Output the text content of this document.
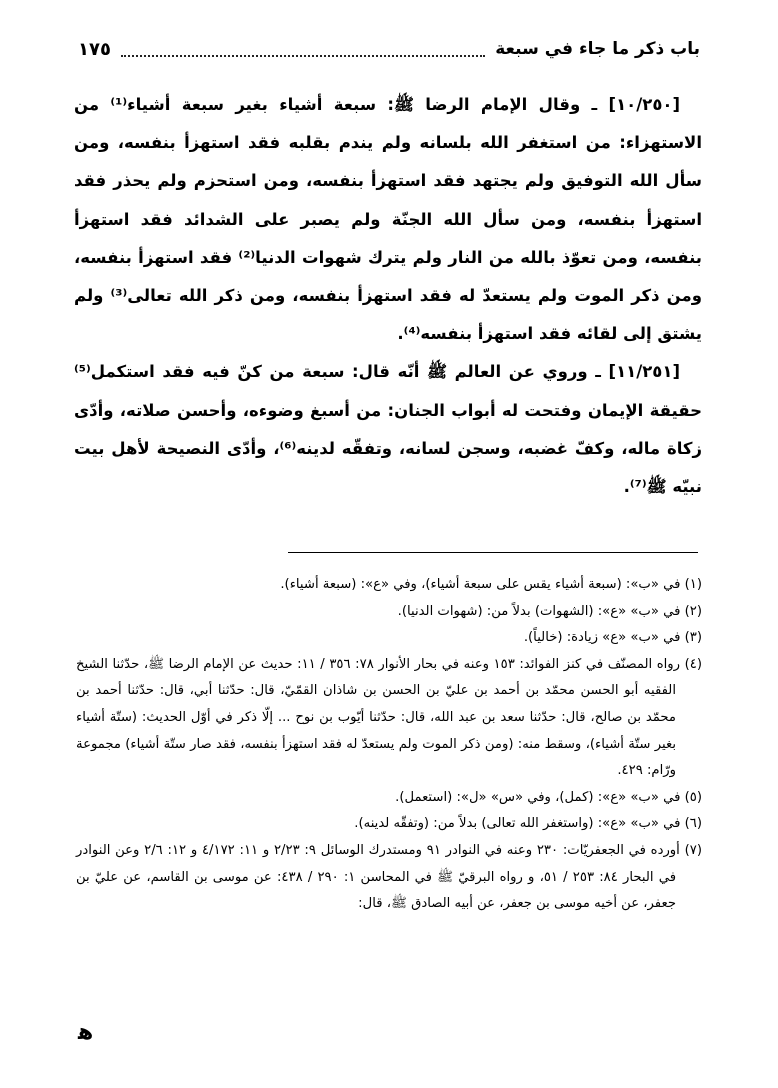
باب ذكر ما جاء في سبعة
١٧٥

[١٠/٢٥٠] ـ وقال الإمام الرضا ﷺ: سبعة أشياء بغير سبعة أشياء⁽¹⁾ من الاستهزاء: من استغفر الله بلسانه ولم يندم بقلبه فقد استهزأ بنفسه، ومن سأل الله التوفيق ولم يجتهد فقد استهزأ بنفسه، ومن استحزم ولم يحذر فقد استهزأ بنفسه، ومن سأل الله الجنّة ولم يصبر على الشدائد فقد استهزأ بنفسه، ومن تعوّذ بالله من النار ولم يترك شهوات الدنيا⁽²⁾ فقد استهزأ بنفسه، ومن ذكر الموت ولم يستعدّ له فقد استهزأ بنفسه، ومن ذكر الله تعالى⁽³⁾ ولم يشتق إلى لقائه فقد استهزأ بنفسه⁽⁴⁾.

[١١/٢٥١] ـ وروي عن العالم ﷺ أنّه قال: سبعة من كنّ فيه فقد استكمل⁽⁵⁾ حقيقة الإيمان وفتحت له أبواب الجنان: من أسبغ وضوءه، وأحسن صلاته، وأدّى زكاة ماله، وكفّ غضبه، وسجن لسانه، وتفقّه لدينه⁽⁶⁾، وأدّى النصيحة لأهل بيت نبيّه ﷺ⁽⁷⁾.

(١) في «ب»: (سبعة أشياء يقس على سبعة أشياء)، وفي «ع»: (سبعة أشياء).

(٢) في «ب» «ع»: (الشهوات) بدلاً من: (شهوات الدنيا).

(٣) في «ب» «ع» زيادة: (خالياً).

(٤) رواه المصنّف في كنز الفوائد: ١٥٣ وعنه في بحار الأنوار ٧٨: ٣٥٦ / ١١: حديث عن الإمام الرضا ﷺ، حدّثنا الشيخ الفقيه أبو الحسن محمّد بن أحمد بن عليّ بن الحسن بن شاذان القمّيّ، قال: حدّثنا أبي، قال: حدّثنا أحمد بن محمّد بن صالح، قال: حدّثنا سعد بن عبد الله، قال: حدّثنا أيّوب بن نوح ... إلّا ذكر في أوّل الحديث: (ستّة أشياء بغير ستّة أشياء)، وسقط منه: (ومن ذكر الموت ولم يستعدّ له فقد استهزأ بنفسه، فقد صار ستّة أشياء) مجموعة ورّام: ٤٢٩.

(٥) في «ب» «ع»: (كمل)، وفي «س» «ل»: (استعمل).

(٦) في «ب» «ع»: (واستغفر الله تعالى) بدلاً من: (وتفقّه لدينه).

(٧) أورده في الجعفريّات: ٢٣٠ وعنه في النوادر ٩١ ومستدرك الوسائل ٩: ٢/٢٣ و ١١: ٤/١٧٢ و ١٢: ٢/٦ وعن النوادر في البحار ٨٤: ٢٥٣ / ٥١، و رواه البرقيّ ﷺ في المحاسن ١: ٢٩٠ / ٤٣٨: عن موسى بن القاسم، عن عليّ بن جعفر، عن أخيه موسى بن جعفر، عن أبيه الصادق ﷺ، قال:

ﻫ
